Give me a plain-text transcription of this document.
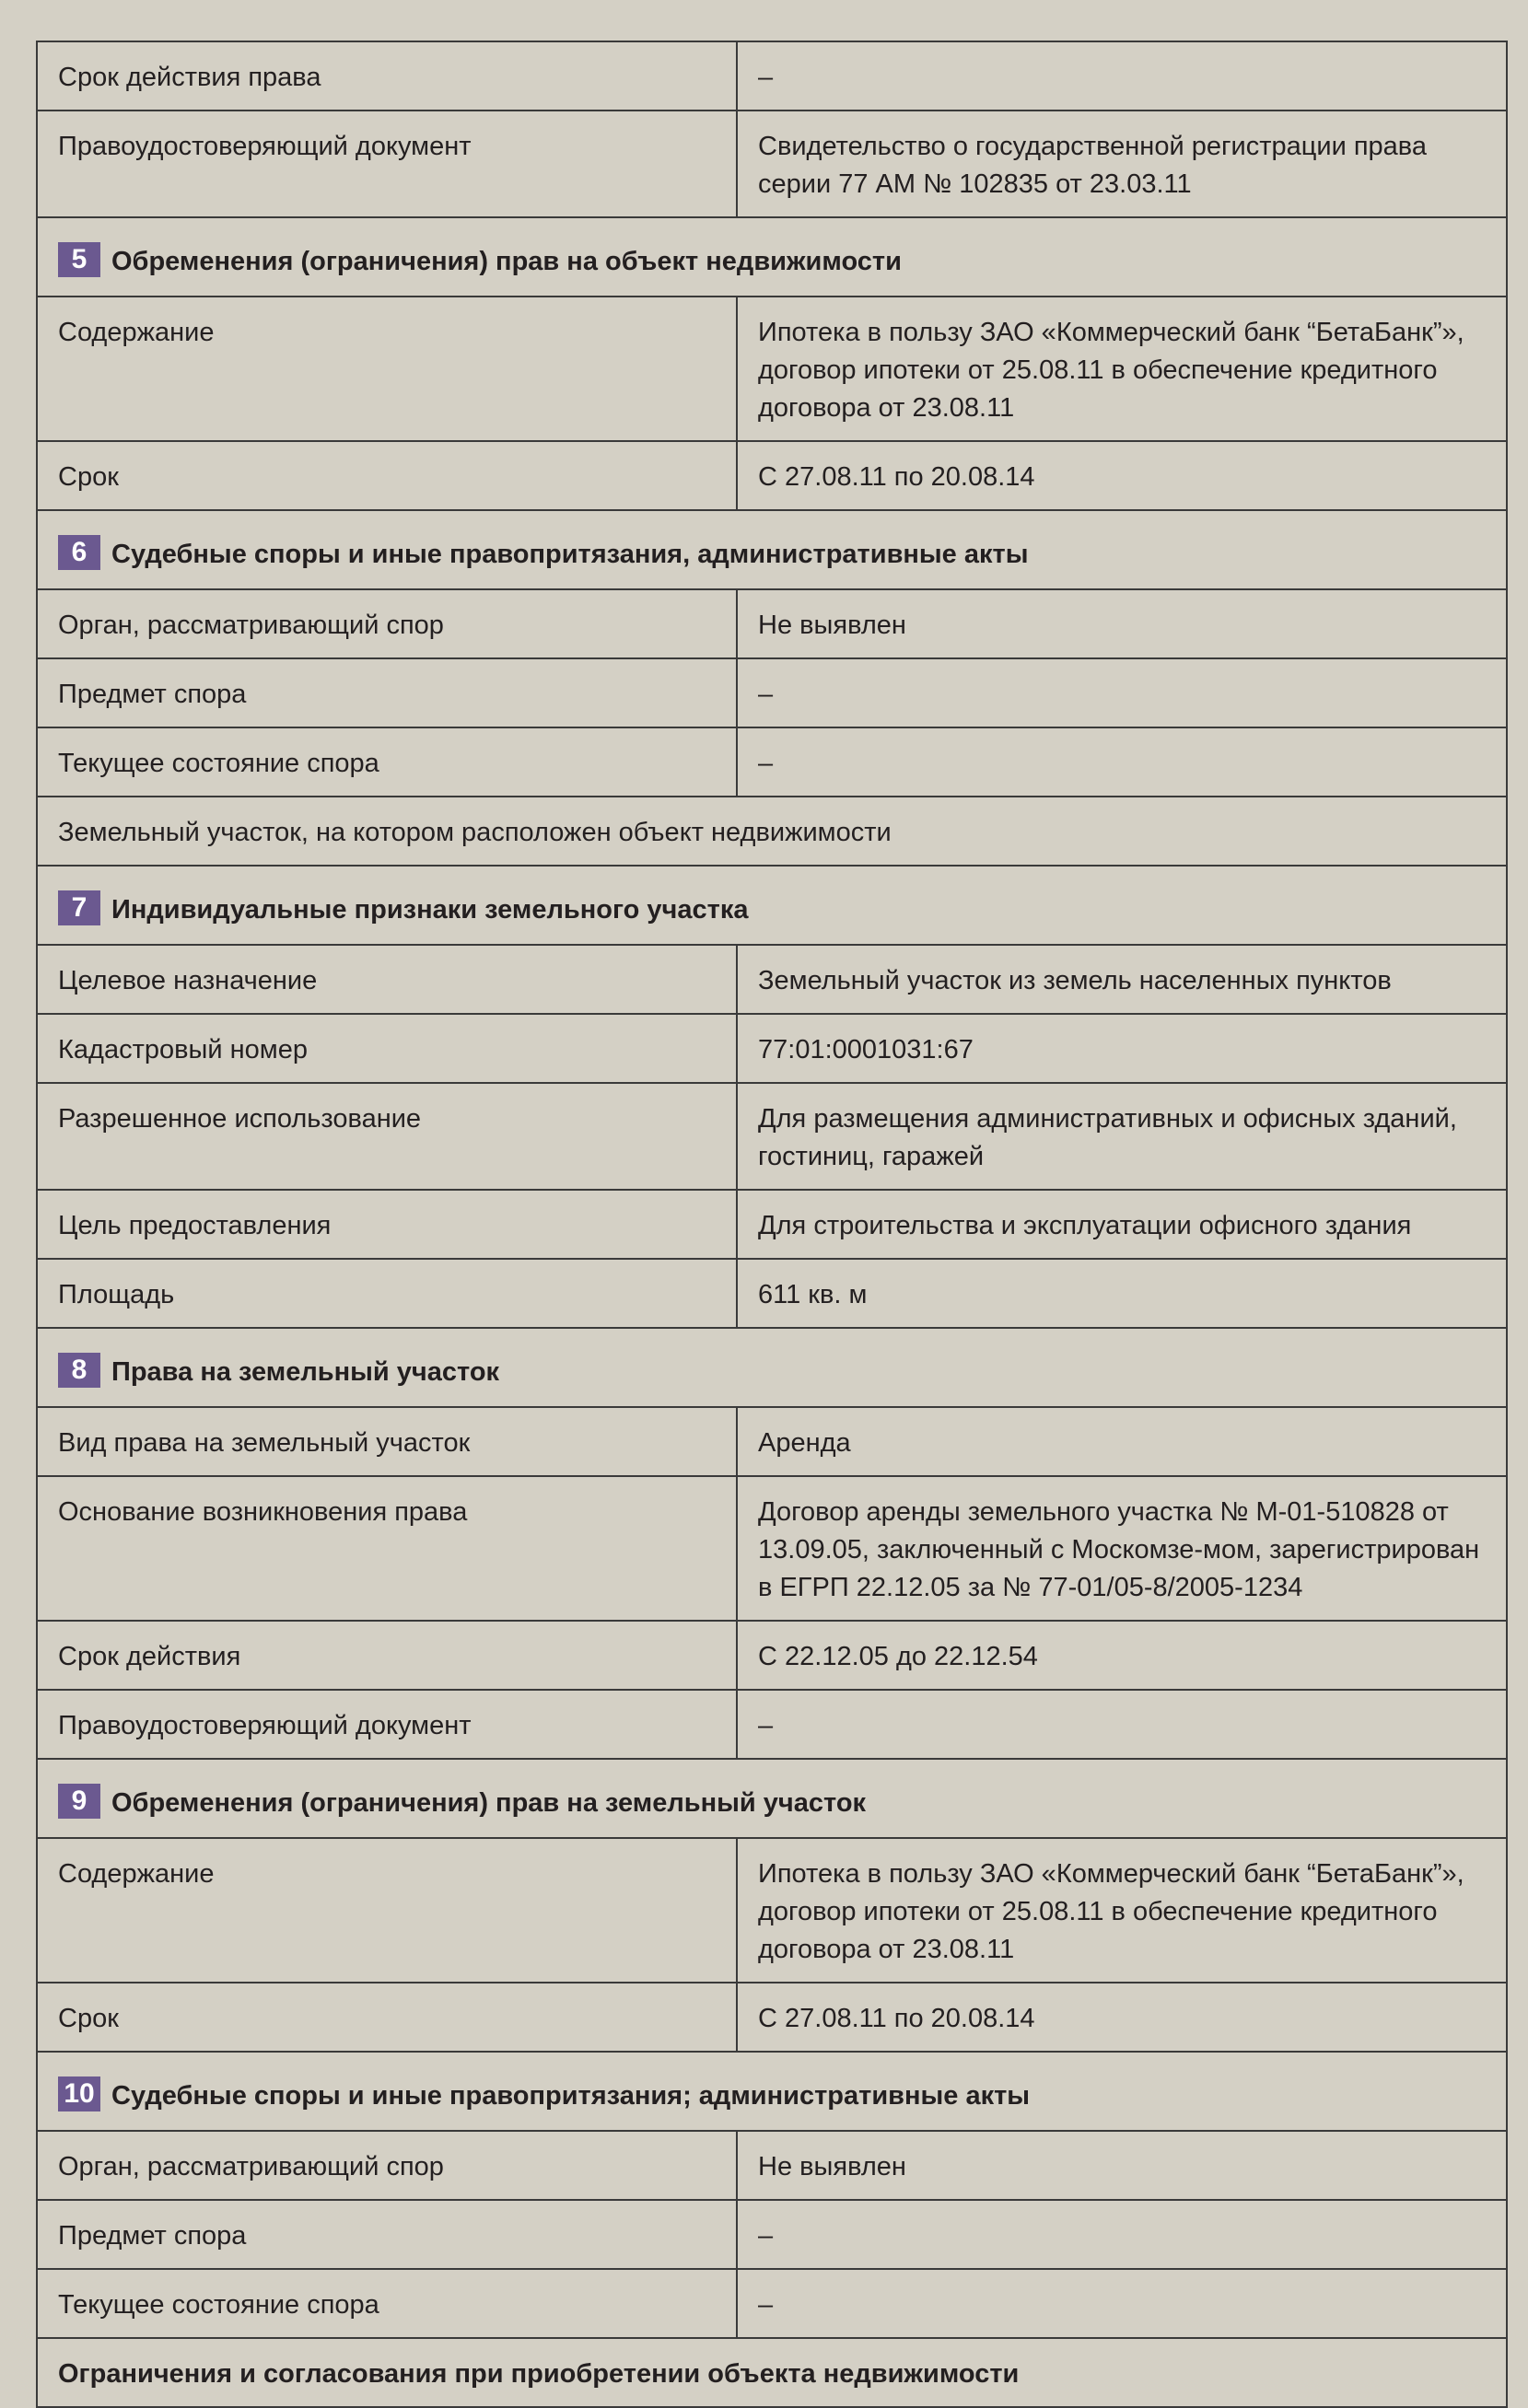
Срок действия права	–
Правоудостоверяющий документ	Свидетельство о государственной регистрации права серии 77 АМ № 102835 от 23.03.11
5 Обременения (ограничения) прав на объект недвижимости	
Содержание	Ипотека в пользу ЗАО «Коммерческий банк “БетаБанк”», договор ипотеки от 25.08.11 в обеспечение кредитного договора от 23.08.11
Срок	С 27.08.11 по 20.08.14
6 Судебные споры и иные правопритязания, административные акты	
Орган, рассматривающий спор	Не выявлен
Предмет спора	–
Текущее состояние спора	–
Земельный участок, на котором расположен объект недвижимости	
7 Индивидуальные признаки земельного участка	
Целевое назначение	Земельный участок из земель населенных пунктов
Кадастровый номер	77:01:0001031:67
Разрешенное использование	Для размещения административных и офисных зданий, гостиниц, гаражей
Цель предоставления	Для строительства и эксплуатации офисного здания
Площадь	611 кв. м
8 Права на земельный участок	
Вид права на земельный участок	Аренда
Основание возникновения права	Договор аренды земельного участка № М-01-510828 от 13.09.05, заключенный с Москомзе-мом, зарегистрирован в ЕГРП 22.12.05 за № 77-01/05-8/2005-1234
Срок действия	С 22.12.05 до 22.12.54
Правоудостоверяющий документ	–
9 Обременения (ограничения) прав на земельный участок	
Содержание	Ипотека в пользу ЗАО «Коммерческий банк “БетаБанк”», договор ипотеки от 25.08.11 в обеспечение кредитного договора от 23.08.11
Срок	С 27.08.11 по 20.08.14
10 Судебные споры и иные правопритязания; административные акты	
Орган, рассматривающий спор	Не выявлен
Предмет спора	–
Текущее состояние спора	–
Ограничения и согласования при приобретении объекта недвижимости	
